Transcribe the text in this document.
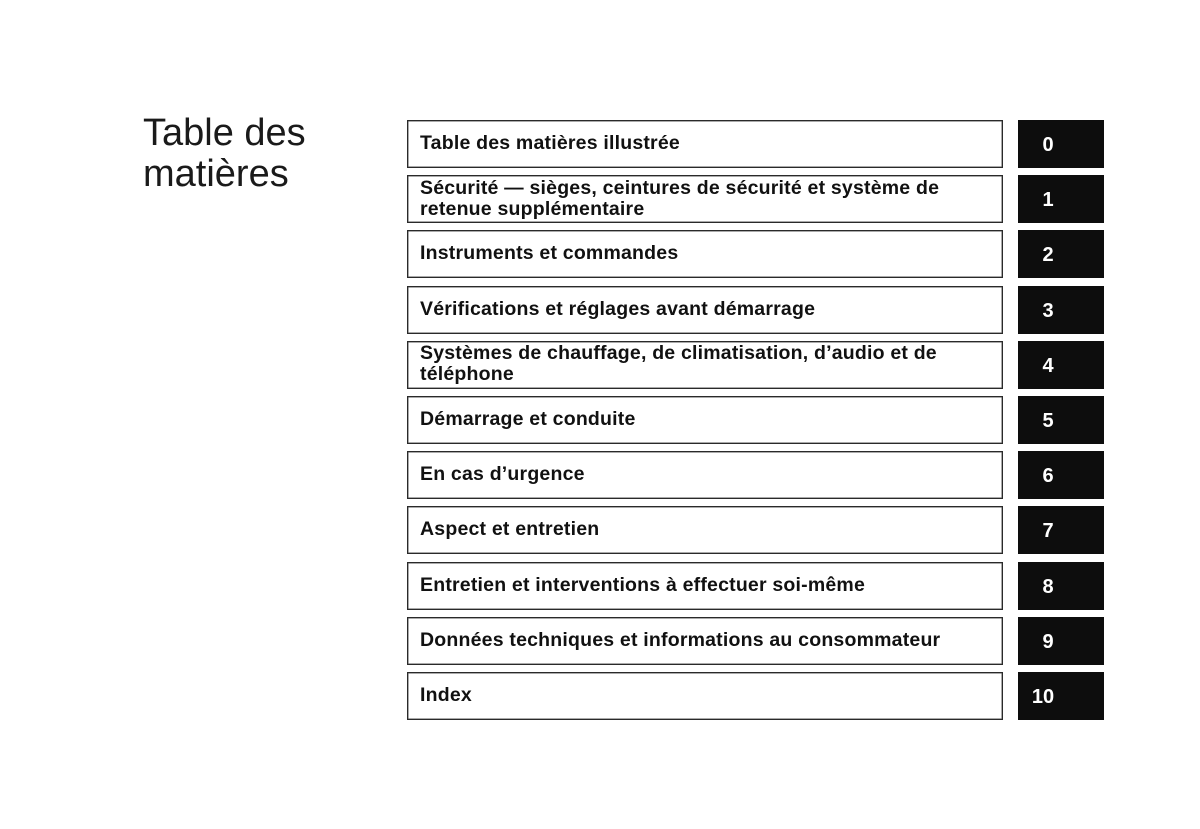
Table des
matières
Table des matières illustrée	0
Sécurité — sièges, ceintures de sécurité et système de retenue supplémentaire	1
Instruments et commandes	2
Vérifications et réglages avant démarrage	3
Systèmes de chauffage, de climatisation, d’audio et de téléphone	4
Démarrage et conduite	5
En cas d’urgence	6
Aspect et entretien	7
Entretien et interventions à effectuer soi-même	8
Données techniques et informations au consommateur	9
Index	10
